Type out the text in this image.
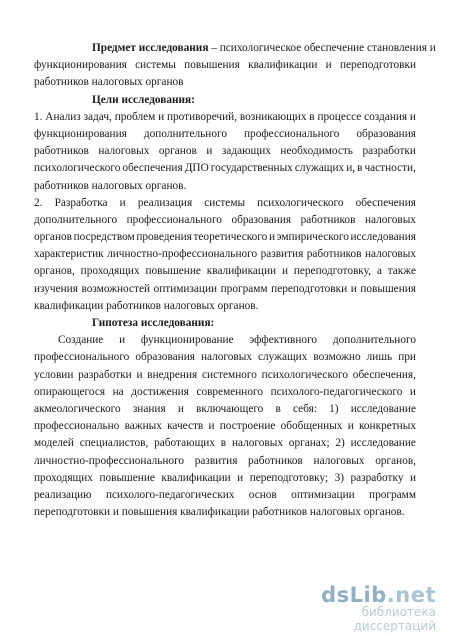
Предмет исследования – психологическое обеспечение становления и
функционирования системы повышения квалификации и переподготовки
работников налоговых органов
Цели исследования:
1. Анализ задач, проблем и противоречий, возникающих в процессе создания и
функционирования дополнительного профессионального образования
работников налоговых органов и задающих необходимость разработки
психологического обеспечения ДПО государственных служащих и, в частности,
работников налоговых органов.
2. Разработка и реализация системы психологического обеспечения
дополнительного профессионального образования работников налоговых
органов посредством проведения теоретического и эмпирического исследования
характеристик личностно-профессионального развития работников налоговых
органов, проходящих повышение квалификации и переподготовку, а также
изучения возможностей оптимизации программ переподготовки и повышения
квалификации работников налоговых органов.
Гипотеза исследования:
Создание и функционирование эффективного дополнительного
профессионального образования налоговых служащих возможно лишь при
условии разработки и внедрения системного психологического обеспечения,
опирающегося на достижения современного психолого-педагогического и
акмеологического знания и включающего в себя: 1) исследование
профессионально важных качеств и построение обобщенных и конкретных
моделей специалистов, работающих в налоговых органах; 2) исследование
личностно-профессионального развития работников налоговых органов,
проходящих повышение квалификации и переподготовку; 3) разработку и
реализацию психолого-педагогических основ оптимизации программ
переподготовки и повышения квалификации работников налоговых органов.
dsLib.net
библиотека диссертаций
